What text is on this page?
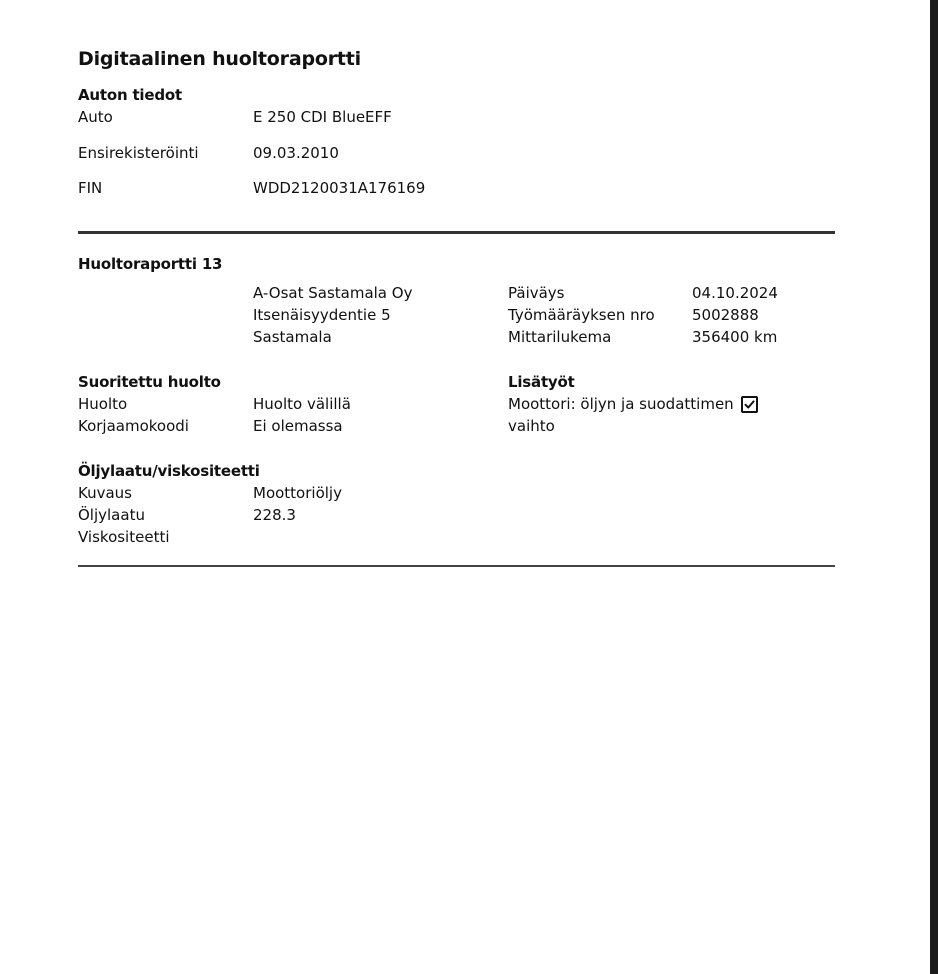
Digitaalinen huoltoraportti
Auton tiedot
Auto	E 250 CDI BlueEFF
Ensirekisteröinti	09.03.2010
FIN	WDD2120031A176169
Huoltoraportti 13
A-Osat Sastamala Oy
Itsenäisyydentie 5
Sastamala
Päiväys	04.10.2024
Työmääräyksen nro 5002888
Mittarilukema	356400 km
Suoritettu huolto
Huolto	Huolto välillä
Korjaamokoodi	Ei olemassa
Lisätyöt
Moottori: öljyn ja suodattimen
vaihto
Öljylaatu/viskositeetti
Kuvaus	Moottoriöljy
Öljylaatu	228.3
Viskositeetti
